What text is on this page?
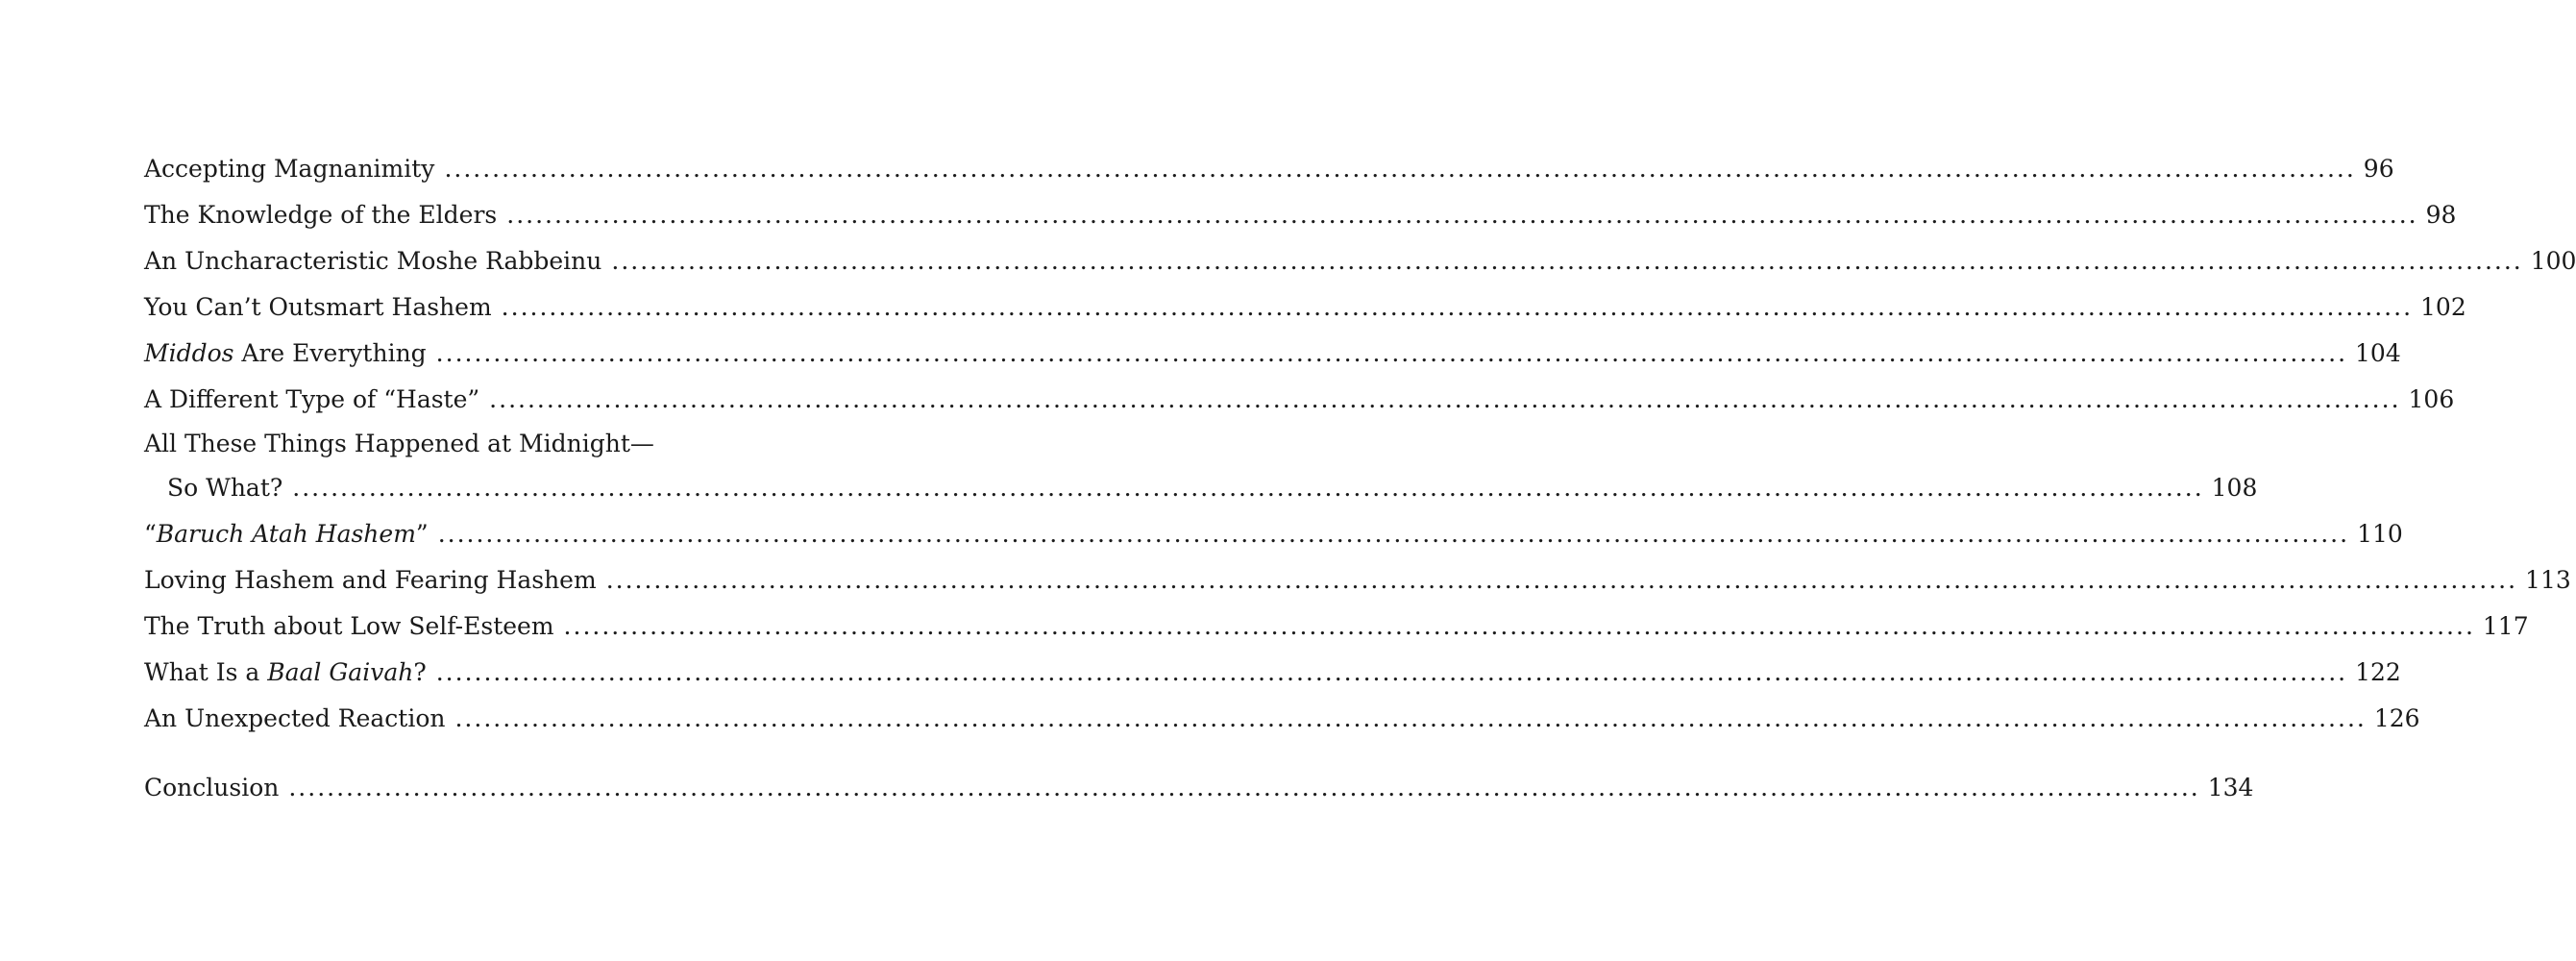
Accepting Magnanimity ........................................................................................................................................................................................................ 96
The Knowledge of the Elders ........................................................................................................................................................................................................ 98
An Uncharacteristic Moshe Rabbeinu ........................................................................................................................................................................................................ 100
You Can’t Outsmart Hashem ........................................................................................................................................................................................................ 102
Middos Are Everything ........................................................................................................................................................................................................ 104
A Different Type of “Haste” ........................................................................................................................................................................................................ 106
All These Things Happened at Midnight—
So What? ........................................................................................................................................................................................................ 108
“Baruch Atah Hashem” ........................................................................................................................................................................................................ 110
Loving Hashem and Fearing Hashem ........................................................................................................................................................................................................ 113
The Truth about Low Self-Esteem ........................................................................................................................................................................................................ 117
What Is a Baal Gaivah? ........................................................................................................................................................................................................ 122
An Unexpected Reaction ........................................................................................................................................................................................................ 126
Conclusion ........................................................................................................................................................................................................ 134
